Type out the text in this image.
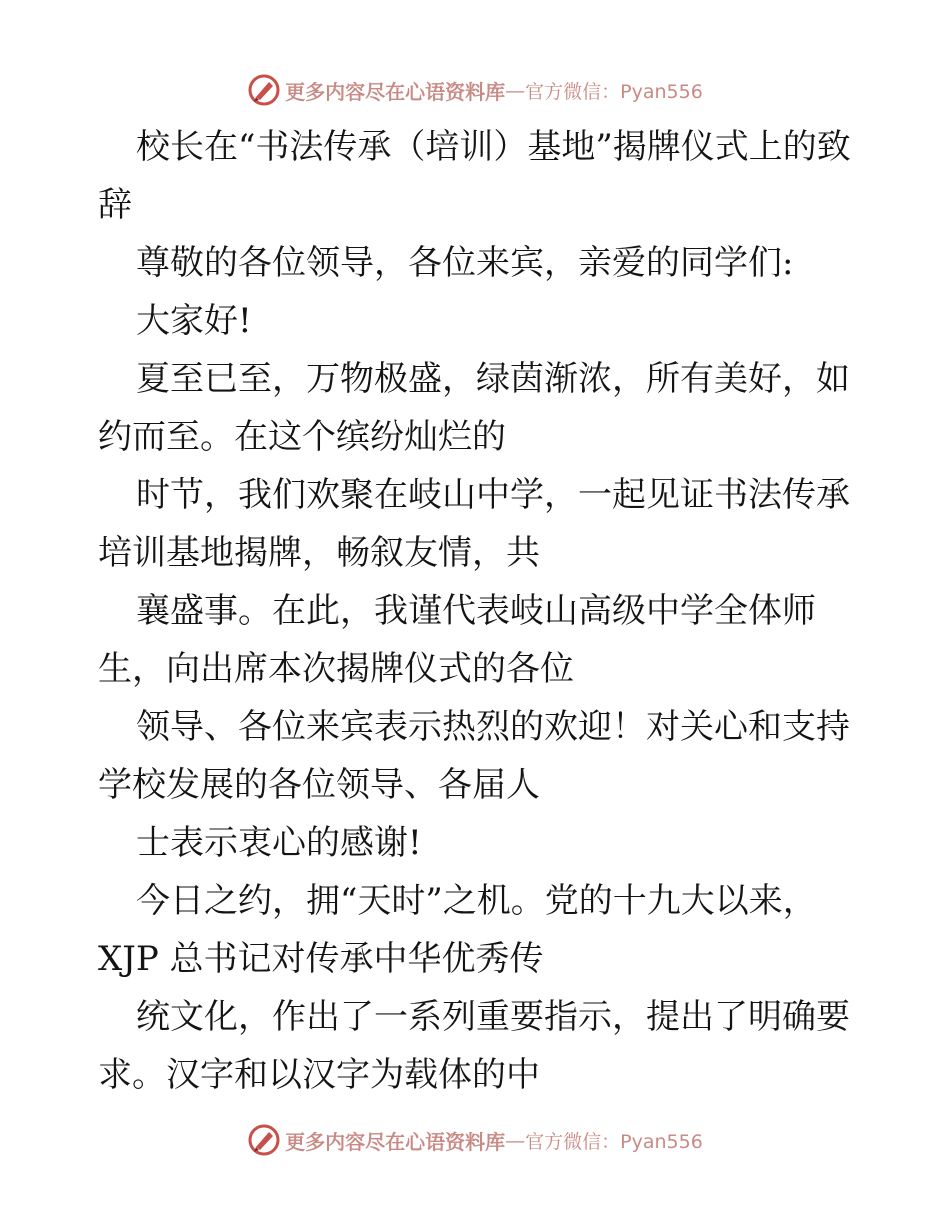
更多内容尽在心语资料库 — 官方微信：Pyan556

校长在“书法传承（培训）基地”揭牌仪式上的致辞

尊敬的各位领导，各位来宾，亲爱的同学们:

大家好!

夏至已至，万物极盛，绿茵渐浓，所有美好，如约而至。在这个缤纷灿烂的

时节，我们欢聚在岐山中学，一起见证书法传承培训基地揭牌，畅叙友情，共

襄盛事。在此，我谨代表岐山高级中学全体师生，向出席本次揭牌仪式的各位

领导、各位来宾表示热烈的欢迎！对关心和支持学校发展的各位领导、各届人

士表示衷心的感谢!

今日之约，拥“天时”之机。党的十九大以来，XJP 总书记对传承中华优秀传

统文化，作出了一系列重要指示，提出了明确要求。汉字和以汉字为载体的中

更多内容尽在心语资料库 — 官方微信：Pyan556
